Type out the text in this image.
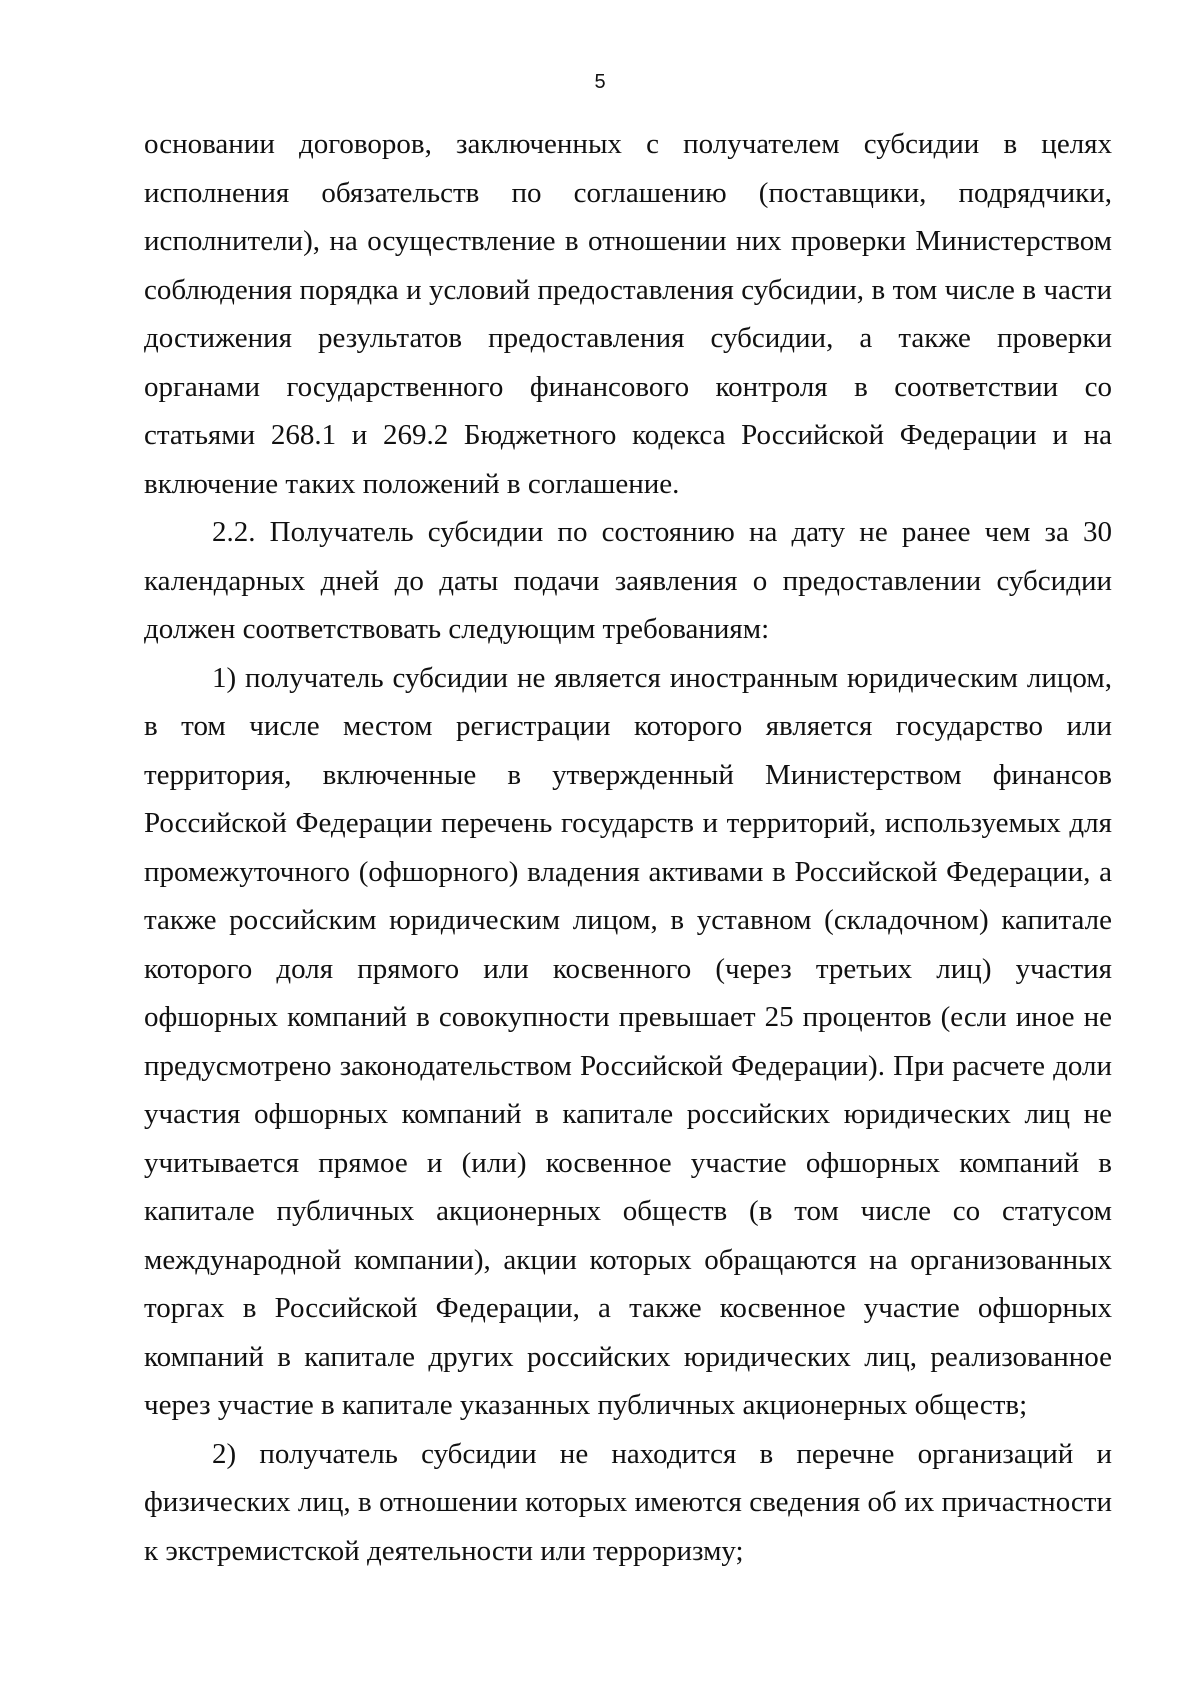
5

основании договоров, заключенных с получателем субсидии в целях исполнения обязательств по соглашению (поставщики, подрядчики, исполнители), на осуществление в отношении них проверки Министерством соблюдения порядка и условий предоставления субсидии, в том числе в части достижения результатов предоставления субсидии, а также проверки органами государственного финансового контроля в соответствии со статьями 268.1 и 269.2 Бюджетного кодекса Российской Федерации и на включение таких положений в соглашение.

2.2. Получатель субсидии по состоянию на дату не ранее чем за 30 календарных дней до даты подачи заявления о предоставлении субсидии должен соответствовать следующим требованиям:

1) получатель субсидии не является иностранным юридическим лицом, в том числе местом регистрации которого является государство или территория, включенные в утвержденный Министерством финансов Российской Федерации перечень государств и территорий, используемых для промежуточного (офшорного) владения активами в Российской Федерации, а также российским юридическим лицом, в уставном (складочном) капитале которого доля прямого или косвенного (через третьих лиц) участия офшорных компаний в совокупности превышает 25 процентов (если иное не предусмотрено законодательством Российской Федерации). При расчете доли участия офшорных компаний в капитале российских юридических лиц не учитывается прямое и (или) косвенное участие офшорных компаний в капитале публичных акционерных обществ (в том числе со статусом международной компании), акции которых обращаются на организованных торгах в Российской Федерации, а также косвенное участие офшорных компаний в капитале других российских юридических лиц, реализованное через участие в капитале указанных публичных акционерных обществ;

2) получатель субсидии не находится в перечне организаций и физических лиц, в отношении которых имеются сведения об их причастности к экстремистской деятельности или терроризму;
